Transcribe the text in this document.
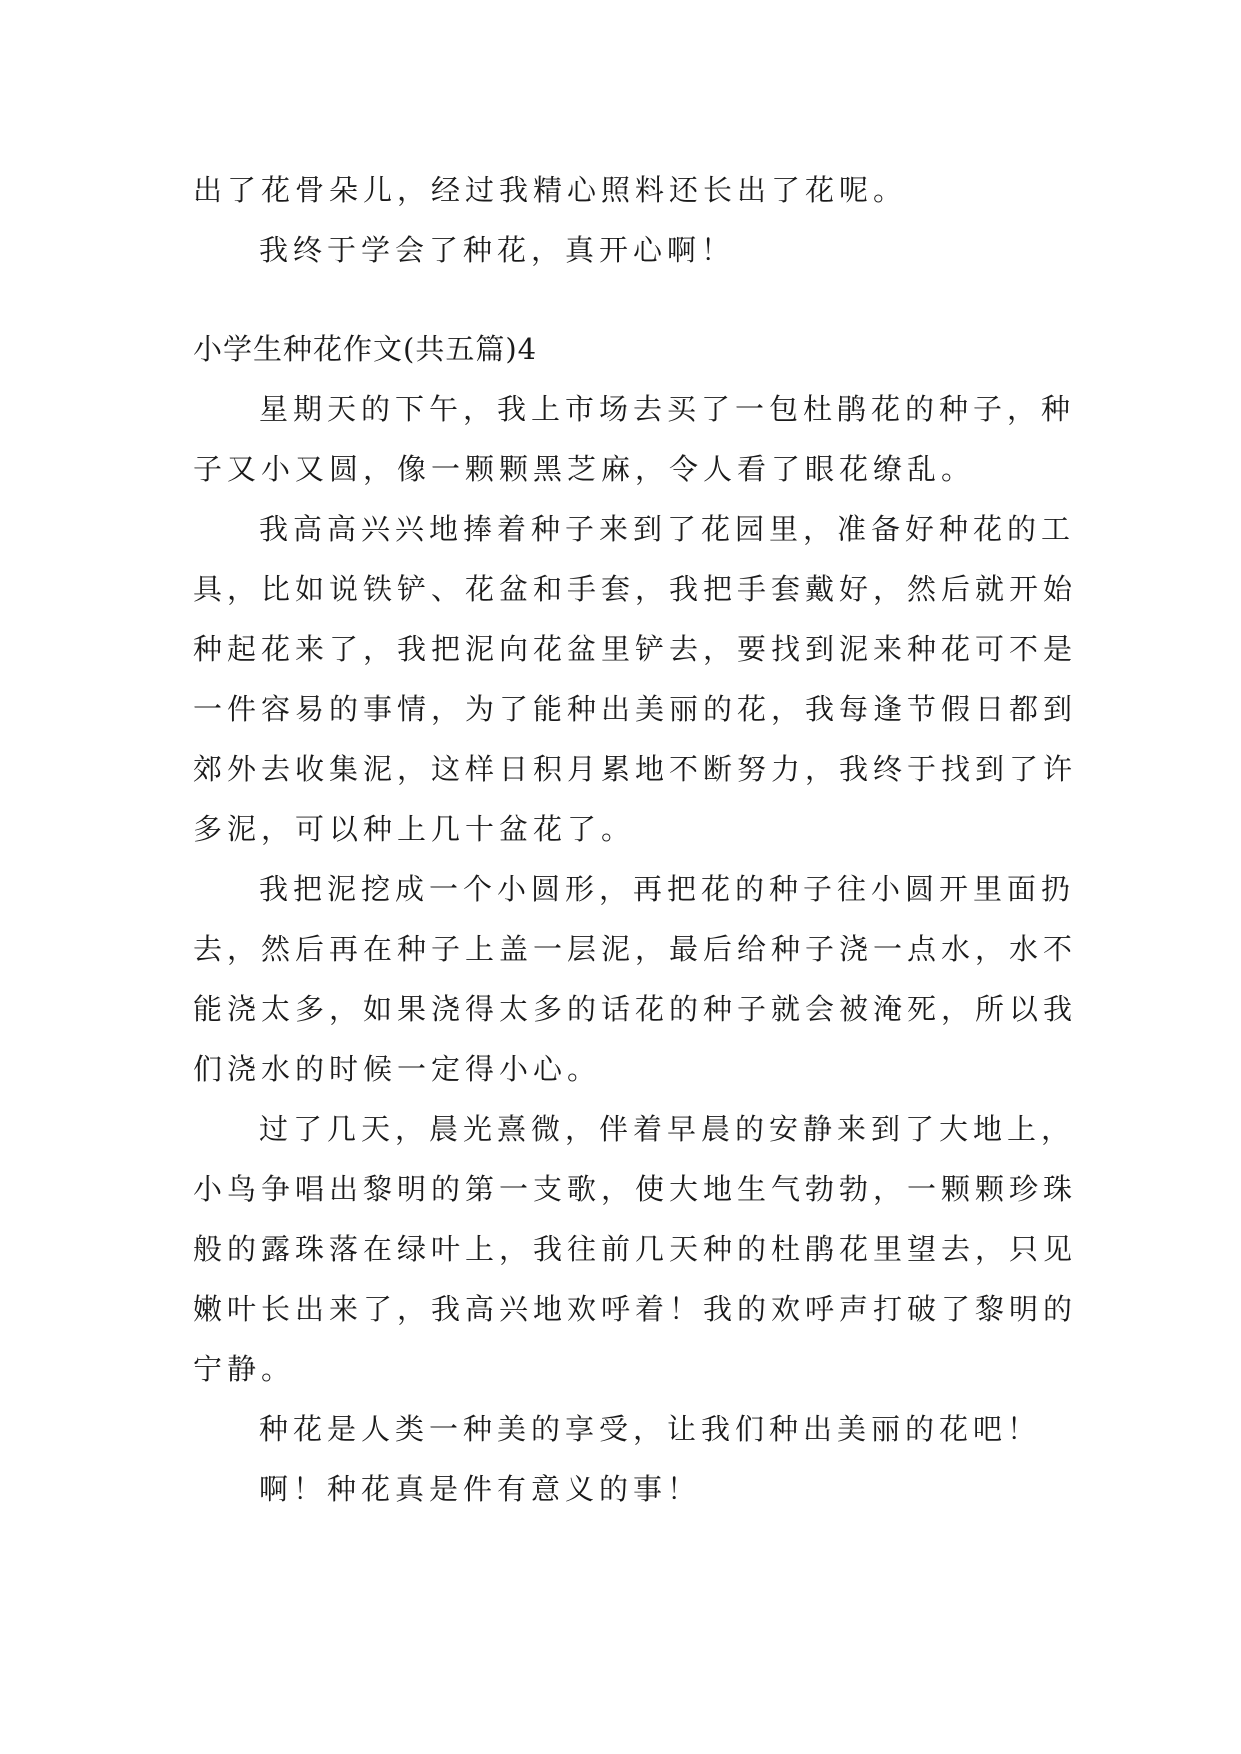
出了花骨朵儿，经过我精心照料还长出了花呢。
我终于学会了种花，真开心啊！
小学生种花作文(共五篇)4
星期天的下午，我上市场去买了一包杜鹃花的种子，种
子又小又圆，像一颗颗黑芝麻，令人看了眼花缭乱。
我高高兴兴地捧着种子来到了花园里，准备好种花的工
具，比如说铁铲、花盆和手套，我把手套戴好，然后就开始
种起花来了，我把泥向花盆里铲去，要找到泥来种花可不是
一件容易的事情，为了能种出美丽的花，我每逢节假日都到
郊外去收集泥，这样日积月累地不断努力，我终于找到了许
多泥，可以种上几十盆花了。
我把泥挖成一个小圆形，再把花的种子往小圆开里面扔
去，然后再在种子上盖一层泥，最后给种子浇一点水，水不
能浇太多，如果浇得太多的话花的种子就会被淹死，所以我
们浇水的时候一定得小心。
过了几天，晨光熹微，伴着早晨的安静来到了大地上，
小鸟争唱出黎明的第一支歌，使大地生气勃勃，一颗颗珍珠
般的露珠落在绿叶上，我往前几天种的杜鹃花里望去，只见
嫩叶长出来了，我高兴地欢呼着！我的欢呼声打破了黎明的
宁静。
种花是人类一种美的享受，让我们种出美丽的花吧！
啊！种花真是件有意义的事！
